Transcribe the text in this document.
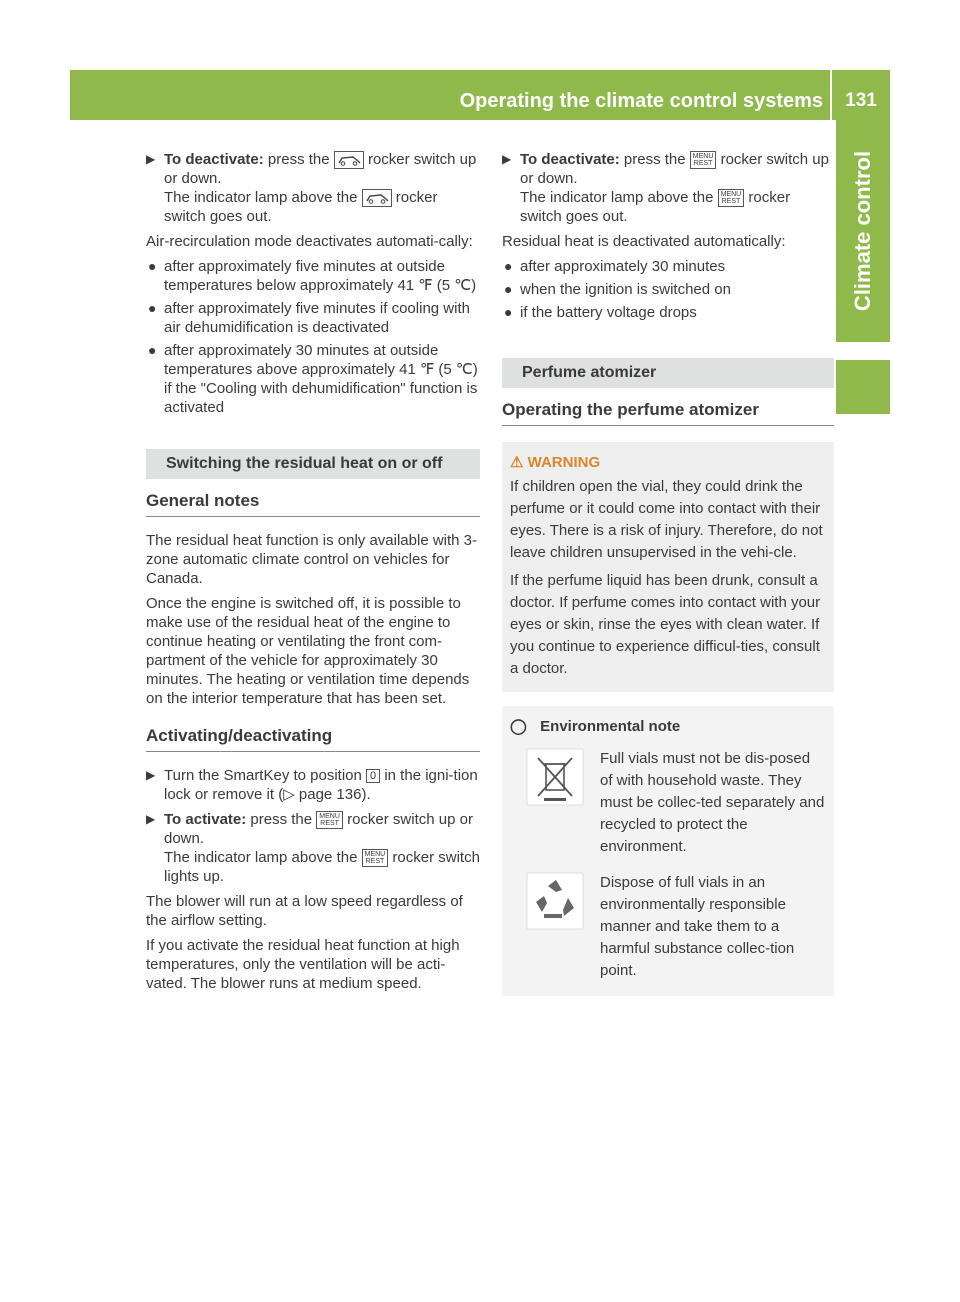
Operating the climate control systems	131
Climate control
▶ To deactivate: press the	rocker switch up or down.
The indicator lamp above the	rocker switch goes out.

Air-recirculation mode deactivates automati-cally:

● after approximately five minutes at outside temperatures below approximately 41 ℉ (5 ℃)
● after approximately five minutes if cooling with air dehumidification is deactivated
● after approximately 30 minutes at outside temperatures above approximately 41 ℉ (5 ℃) if the "Cooling with dehumidification" function is activated
Switching the residual heat on or off
General notes

The residual heat function is only available with 3-zone automatic climate control on vehicles for Canada.

Once the engine is switched off, it is possible to make use of the residual heat of the engine to continue heating or ventilating the front com-partment of the vehicle for approximately 30 minutes. The heating or ventilation time depends on the interior temperature that has been set.

Activating/deactivating
▶ Turn the SmartKey to position 0 in the igni-tion lock or remove it (▷ page 136).
▶ To activate: press the MENU
REST rocker switch up or down.
The indicator lamp above the MENU
REST rocker switch lights up.

The blower will run at a low speed regardless of the airflow setting.

If you activate the residual heat function at high temperatures, only the ventilation will be acti-vated. The blower runs at medium speed.

▶ To deactivate: press the MENU
REST rocker switch up or down.
The indicator lamp above the MENU
REST rocker switch goes out.

Residual heat is deactivated automatically:

● after approximately 30 minutes
● when the ignition is switched on
● if the battery voltage drops
Perfume atomizer
Operating the perfume atomizer
⚠ WARNING

If children open the vial, they could drink the perfume or it could come into contact with their eyes. There is a risk of injury. Therefore, do not leave children unsupervised in the vehi-cle.

If the perfume liquid has been drunk, consult a doctor. If perfume comes into contact with your eyes or skin, rinse the eyes with clean water. If you continue to experience difficul-ties, consult a doctor.

◯ Environmental note
Full vials must not be dis-posed of with household waste. They must be collec-ted separately and recycled to protect the environment.
Dispose of full vials in an environmentally responsible manner and take them to a harmful substance collec-tion point.
